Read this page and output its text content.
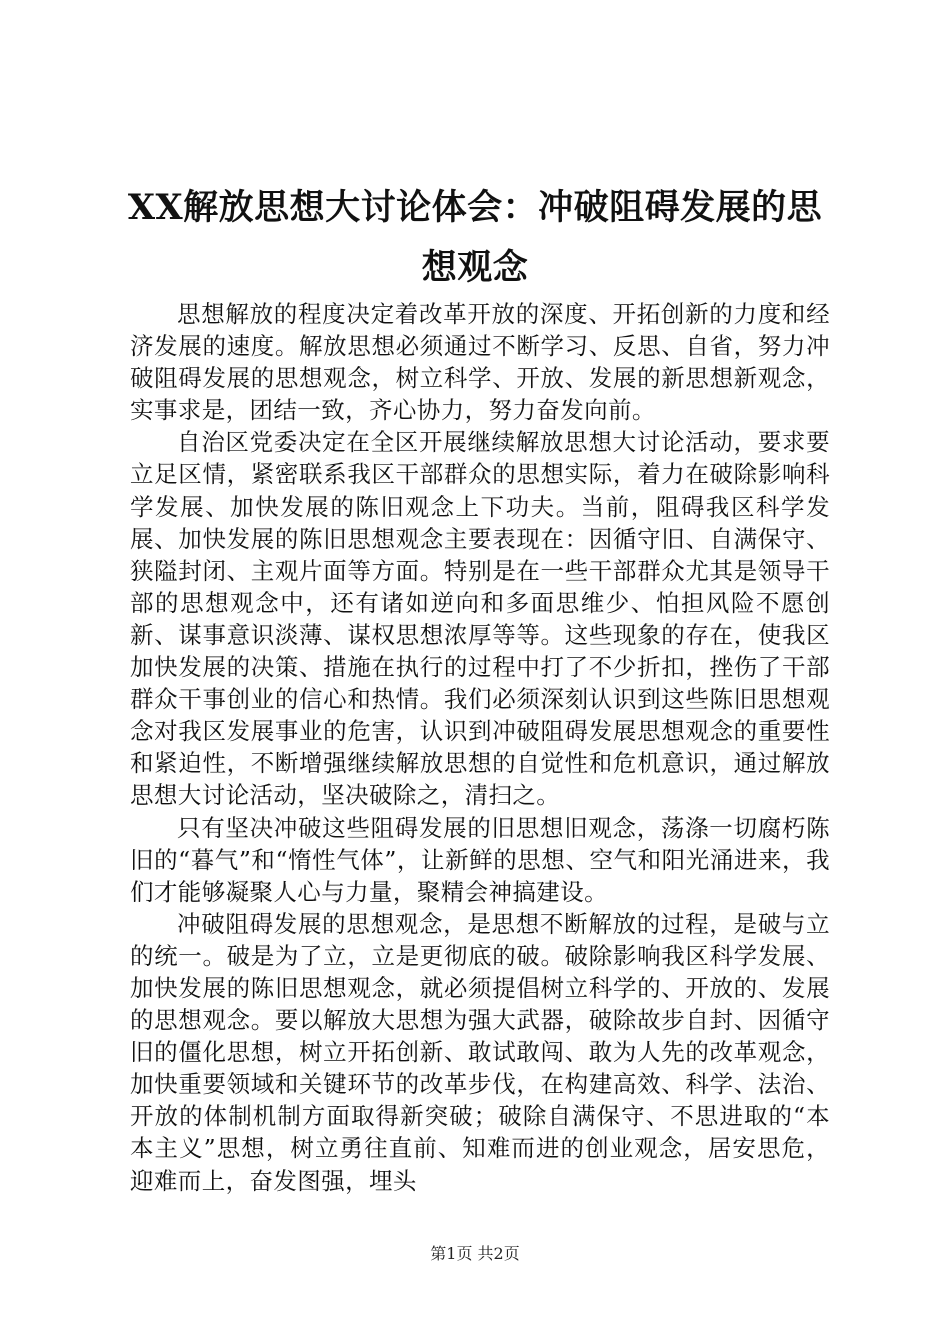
XX解放思想大讨论体会：冲破阻碍发展的思
想观念

思想解放的程度决定着改革开放的深度、开拓创新的力度和经济发展的速度。解放思想必须通过不断学习、反思、自省，努力冲破阻碍发展的思想观念，树立科学、开放、发展的新思想新观念，实事求是，团结一致，齐心协力，努力奋发向前。

自治区党委决定在全区开展继续解放思想大讨论活动，要求要立足区情，紧密联系我区干部群众的思想实际，着力在破除影响科学发展、加快发展的陈旧观念上下功夫。当前，阻碍我区科学发展、加快发展的陈旧思想观念主要表现在：因循守旧、自满保守、狭隘封闭、主观片面等方面。特别是在一些干部群众尤其是领导干部的思想观念中，还有诸如逆向和多面思维少、怕担风险不愿创新、谋事意识淡薄、谋权思想浓厚等等。这些现象的存在，使我区加快发展的决策、措施在执行的过程中打了不少折扣，挫伤了干部群众干事创业的信心和热情。我们必须深刻认识到这些陈旧思想观念对我区发展事业的危害，认识到冲破阻碍发展思想观念的重要性和紧迫性，不断增强继续解放思想的自觉性和危机意识，通过解放思想大讨论活动，坚决破除之，清扫之。

只有坚决冲破这些阻碍发展的旧思想旧观念，荡涤一切腐朽陈旧的“暮气”和“惰性气体”，让新鲜的思想、空气和阳光涌进来，我们才能够凝聚人心与力量，聚精会神搞建设。

冲破阻碍发展的思想观念，是思想不断解放的过程，是破与立的统一。破是为了立，立是更彻底的破。破除影响我区科学发展、加快发展的陈旧思想观念，就必须提倡树立科学的、开放的、发展的思想观念。要以解放大思想为强大武器，破除故步自封、因循守旧的僵化思想，树立开拓创新、敢试敢闯、敢为人先的改革观念，加快重要领域和关键环节的改革步伐，在构建高效、科学、法治、开放的体制机制方面取得新突破；破除自满保守、不思进取的“本本主义”思想，树立勇往直前、知难而进的创业观念，居安思危，迎难而上，奋发图强，埋头

第1页 共2页
